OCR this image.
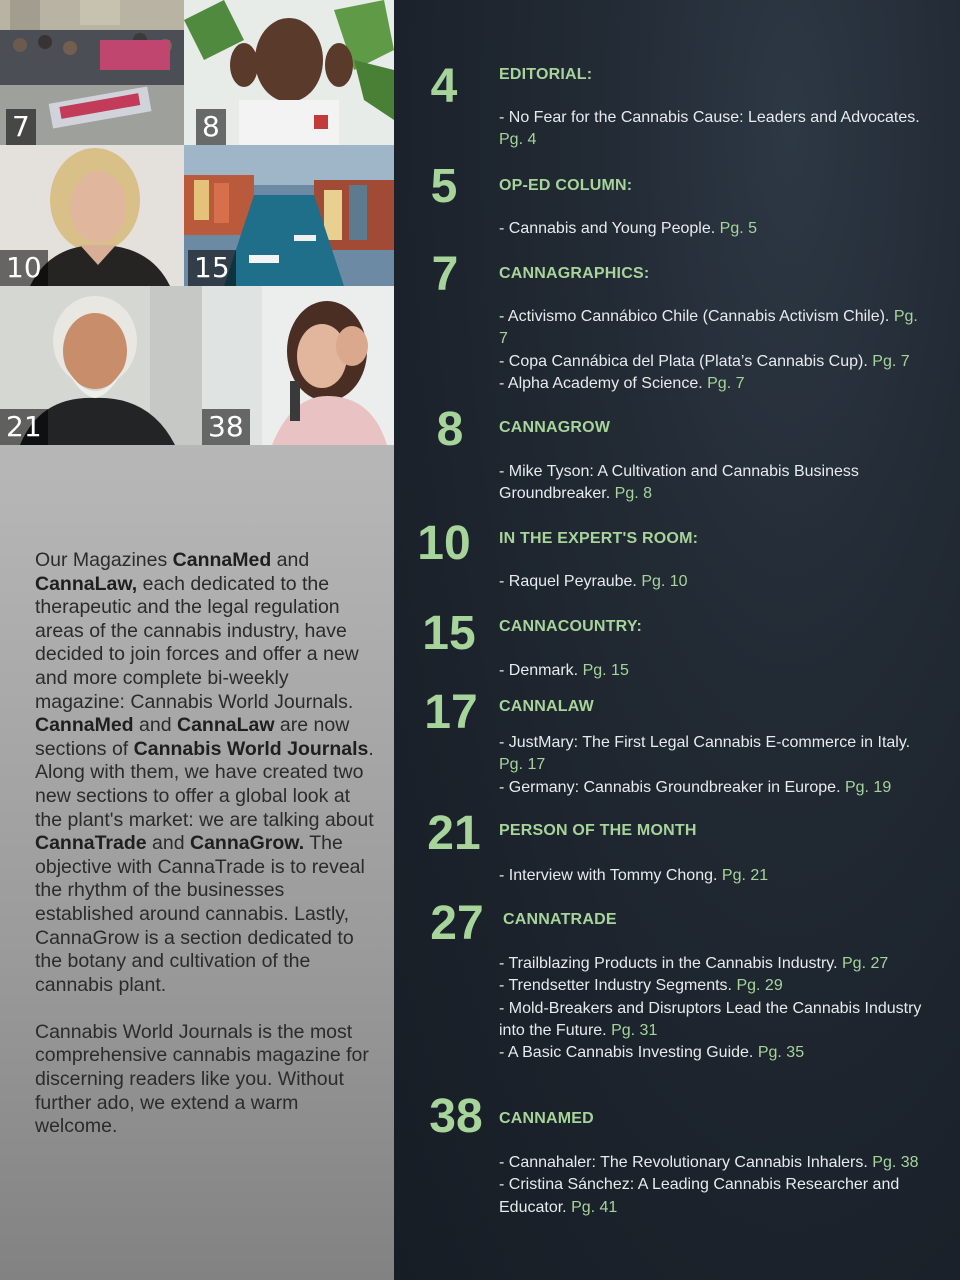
7	8
10	15
21	38

Our Magazines CannaMed and CannaLaw, each dedicated to the therapeutic and the legal regulation areas of the cannabis industry, have decided to join forces and offer a new and more complete bi-weekly magazine: Cannabis World Journals. CannaMed and CannaLaw are now sections of Cannabis World Journals. Along with them, we have created two new sections to offer a global look at the plant's market: we are talking about CannaTrade and CannaGrow. The objective with CannaTrade is to reveal the rhythm of the businesses established around cannabis. Lastly, CannaGrow is a section dedicated to the botany and cultivation of the cannabis plant.

Cannabis World Journals is the most comprehensive cannabis magazine for discerning readers like you. Without further ado, we extend a warm welcome.

4	EDITORIAL:
- No Fear for the Cannabis Cause: Leaders and Advocates. Pg. 4
5	OP-ED COLUMN:
- Cannabis and Young People. Pg. 5
7	CANNAGRAPHICS:
- Activismo Cannábico Chile (Cannabis Activism Chile). Pg. 7
- Copa Cannábica del Plata (Plata’s Cannabis Cup). Pg. 7
- Alpha Academy of Science. Pg. 7
8	CANNAGROW
- Mike Tyson: A Cultivation and Cannabis Business Groundbreaker. Pg. 8
10	IN THE EXPERT'S ROOM:
- Raquel Peyraube. Pg. 10
15	CANNACOUNTRY:
- Denmark. Pg. 15
17	CANNALAW
- JustMary: The First Legal Cannabis E-commerce in Italy. Pg. 17
- Germany: Cannabis Groundbreaker in Europe. Pg. 19
21	PERSON OF THE MONTH
- Interview with Tommy Chong. Pg. 21
27	CANNATRADE
- Trailblazing Products in the Cannabis Industry. Pg. 27
- Trendsetter Industry Segments. Pg. 29
- Mold-Breakers and Disruptors Lead the Cannabis Industry into the Future. Pg. 31
- A Basic Cannabis Investing Guide. Pg. 35
38	CANNAMED
- Cannahaler: The Revolutionary Cannabis Inhalers. Pg. 38
- Cristina Sánchez: A Leading Cannabis Researcher and Educator. Pg. 41
